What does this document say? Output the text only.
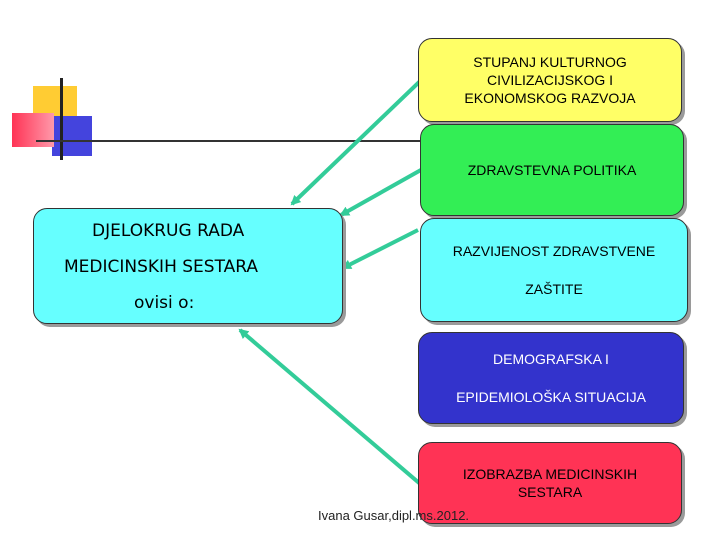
DJELOKRUG RADA
MEDICINSKIH SESTARA
ovisi o:
STUPANJ KULTURNOG
CIVILIZACIJSKOG I
EKONOMSKOG RAZVOJA
ZDRAVSTEVNA POLITIKA
RAZVIJENOST ZDRAVSTVENE
ZAŠTITE
DEMOGRAFSKA I
EPIDEMIOLOŠKA SITUACIJA
IZOBRAZBA MEDICINSKIH
SESTARA
Ivana Gusar,dipl.ms.2012.
